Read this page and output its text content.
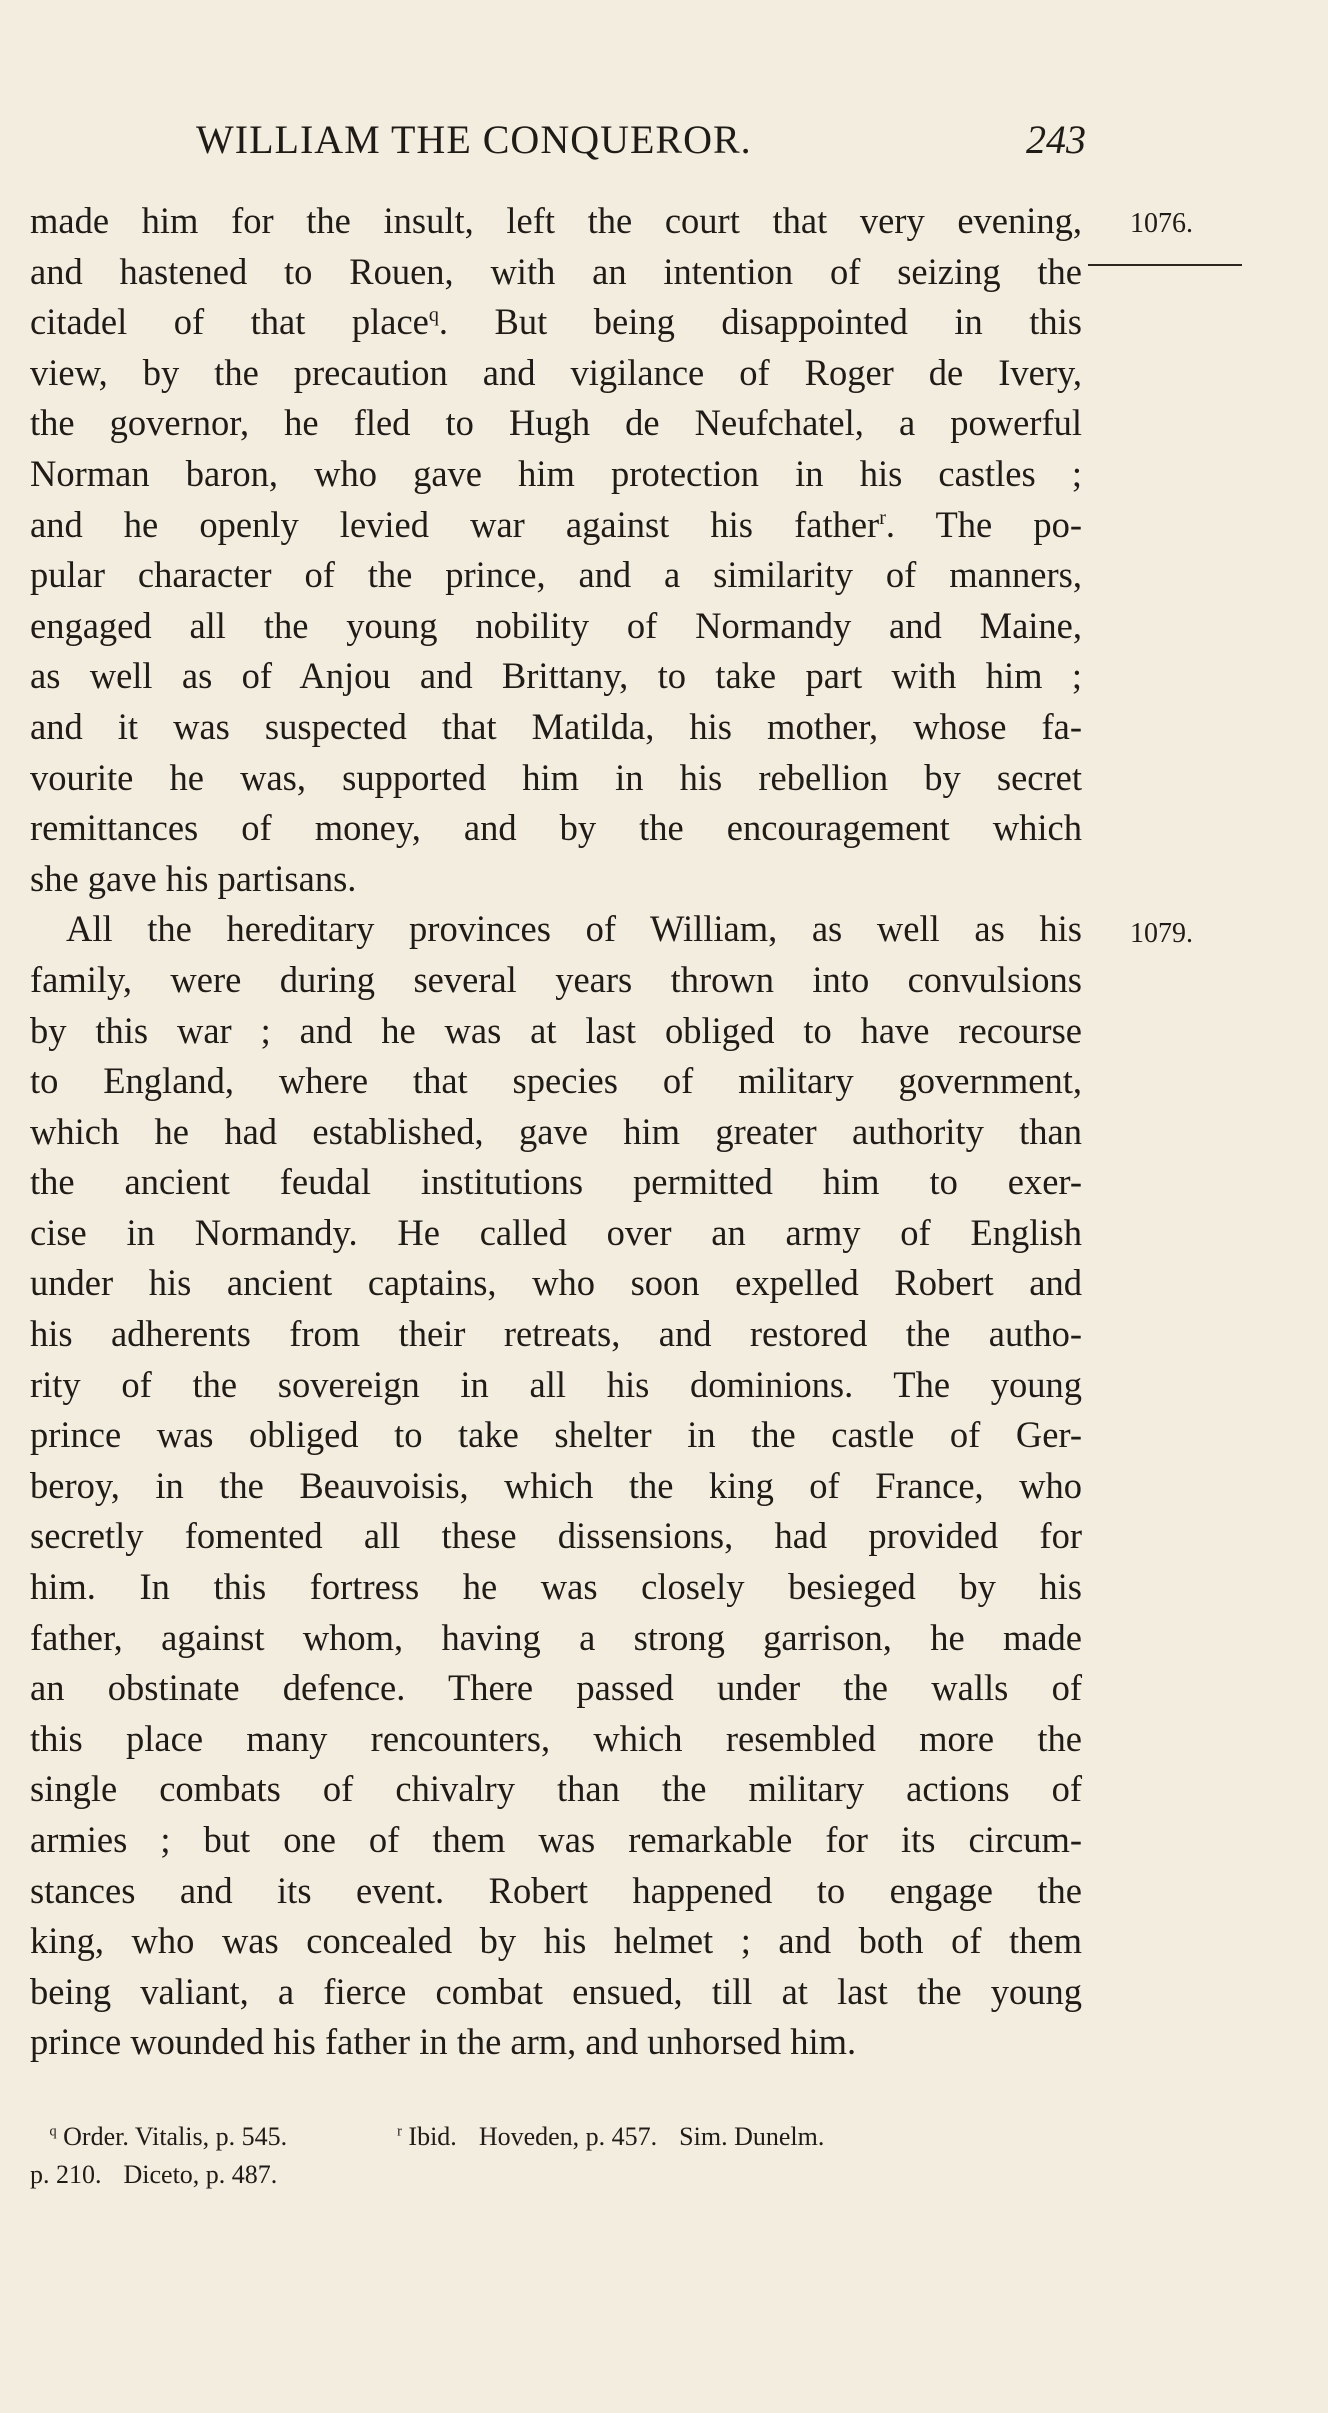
WILLIAM THE CONQUEROR.	243
1076.
1079.
made him for the insult, left the court that very evening,
and hastened to Rouen, with an intention of seizing the
citadel of that place$^q$. But being disappointed in this
view, by the precaution and vigilance of Roger de Ivery,
the governor, he fled to Hugh de Neufchatel, a powerful
Norman baron, who gave him protection in his castles ;
and he openly levied war against his father$^r$. The po-
pular character of the prince, and a similarity of manners,
engaged all the young nobility of Normandy and Maine,
as well as of Anjou and Brittany, to take part with him ;
and it was suspected that Matilda, his mother, whose fa-
vourite he was, supported him in his rebellion by secret
remittances of money, and by the encouragement which
she gave his partisans.
All the hereditary provinces of William, as well as his
family, were during several years thrown into convulsions
by this war ; and he was at last obliged to have recourse
to England, where that species of military government,
which he had established, gave him greater authority than
the ancient feudal institutions permitted him to exer-
cise in Normandy. He called over an army of English
under his ancient captains, who soon expelled Robert and
his adherents from their retreats, and restored the autho-
rity of the sovereign in all his dominions. The young
prince was obliged to take shelter in the castle of Ger-
beroy, in the Beauvoisis, which the king of France, who
secretly fomented all these dissensions, had provided for
him. In this fortress he was closely besieged by his
father, against whom, having a strong garrison, he made
an obstinate defence. There passed under the walls of
this place many rencounters, which resembled more the
single combats of chivalry than the military actions of
armies ; but one of them was remarkable for its circum-
stances and its event. Robert happened to engage the
king, who was concealed by his helmet ; and both of them
being valiant, a fierce combat ensued, till at last the young
prince wounded his father in the arm, and unhorsed him.
$^q$ Order. Vitalis, p. 545.	$^r$ Ibid. Hoveden, p. 457. Sim. Dunelm.
p. 210. Diceto, p. 487.
